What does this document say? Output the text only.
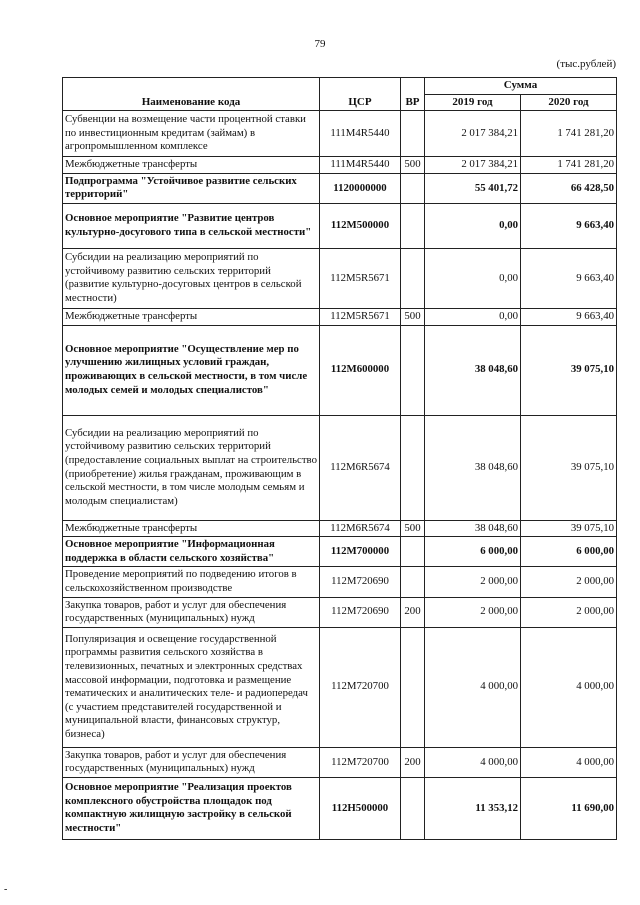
79
(тыс.рублей)
-
Наименование кода	ЦСР	ВР	Сумма	
			2019 год	2020 год
Субвенции на возмещение части процентной ставки по инвестиционным кредитам (займам) в агропромышленном комплексе	111M4R5440		2 017 384,21	1 741 281,20
Межбюджетные трансферты	111M4R5440	500	2 017 384,21	1 741 281,20
Подпрограмма "Устойчивое развитие сельских территорий"	1120000000		55 401,72	66 428,50
Основное мероприятие "Развитие центров культурно-досугового типа в сельской местности"	112M500000		0,00	9 663,40
Субсидии на реализацию мероприятий по устойчивому развитию сельских территорий (развитие культурно-досуговых центров в сельской местности)	112M5R5671		0,00	9 663,40
Межбюджетные трансферты	112M5R5671	500	0,00	9 663,40
Основное мероприятие "Осуществление мер по улучшению жилищных условий граждан, проживающих в сельской местности, в том числе молодых семей и молодых специалистов"	112M600000		38 048,60	39 075,10
Субсидии на реализацию мероприятий по устойчивому развитию сельских территорий (предоставление социальных выплат на строительство (приобретение) жилья гражданам, проживающим в сельской местности, в том числе молодым семьям и молодым специалистам)	112M6R5674		38 048,60	39 075,10
Межбюджетные трансферты	112M6R5674	500	38 048,60	39 075,10
Основное мероприятие "Информационная поддержка в области сельского хозяйства"	112M700000		6 000,00	6 000,00
Проведение мероприятий по подведению итогов в сельскохозяйственном производстве	112M720690		2 000,00	2 000,00
Закупка товаров, работ и услуг для обеспечения государственных (муниципальных) нужд	112M720690	200	2 000,00	2 000,00
Популяризация и освещение государственной программы развития сельского хозяйства в телевизионных, печатных и электронных средствах массовой информации, подготовка и размещение тематических и аналитических теле- и радиопередач (с участием представителей государственной и муниципальной власти, финансовых структур, бизнеса)	112M720700		4 000,00	4 000,00
Закупка товаров, работ и услуг для обеспечения государственных (муниципальных) нужд	112M720700	200	4 000,00	4 000,00
Основное мероприятие "Реализация проектов комплексного обустройства площадок под компактную жилищную застройку в сельской местности"	112H500000		11 353,12	11 690,00
